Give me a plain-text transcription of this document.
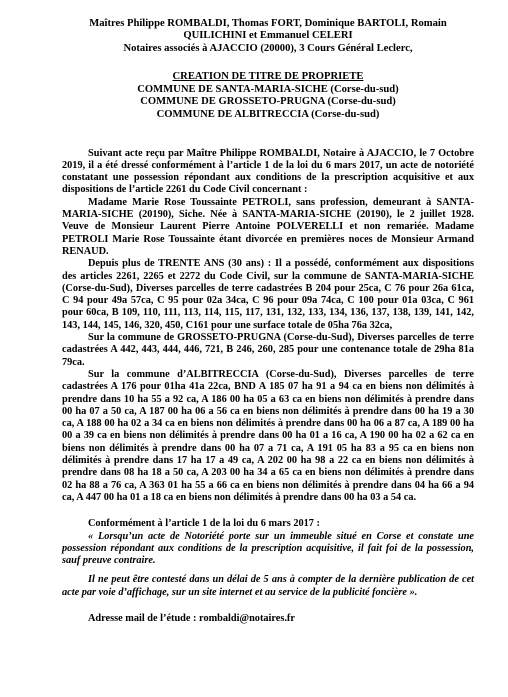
Maîtres Philippe ROMBALDI, Thomas FORT, Dominique BARTOLI, Romain

QUILICHINI et Emmanuel CELERI

Notaires associés à AJACCIO (20000), 3 Cours Général Leclerc,

CREATION DE TITRE DE PROPRIETE

COMMUNE DE SANTA-MARIA-SICHE (Corse-du-sud)

COMMUNE DE GROSSETO-PRUGNA (Corse-du-sud)

COMMUNE DE ALBITRECCIA (Corse-du-sud)

Suivant acte reçu par Maître Philippe ROMBALDI, Notaire à AJACCIO, le 7 Octobre 2019, il a été dressé conformément à l’article 1 de la loi du 6 mars 2017, un acte de notoriété constatant une possession répondant aux conditions de la prescription acquisitive et aux dispositions de l’article 2261 du Code Civil concernant :

Madame Marie Rose Toussainte PETROLI, sans profession, demeurant à SANTA-MARIA-SICHE (20190), Siche. Née à SANTA-MARIA-SICHE (20190), le 2 juillet 1928. Veuve de Monsieur Laurent Pierre Antoine POLVERELLI et non remariée. Madame PETROLI Marie Rose Toussainte étant divorcée en premières noces de Monsieur Armand RENAUD.

Depuis plus de TRENTE ANS (30 ans) : Il a possédé, conformément aux dispositions des articles 2261, 2265 et 2272 du Code Civil, sur la commune de SANTA-MARIA-SICHE (Corse-du-Sud), Diverses parcelles de terre cadastrées B 204 pour 25ca, C 76 pour 26a 61ca, C 94 pour 49a 57ca, C 95 pour 02a 34ca, C 96 pour 09a 74ca, C 100 pour 01a 03ca, C 961 pour 60ca, B 109, 110, 111, 113, 114, 115, 117, 131, 132, 133, 134, 136, 137, 138, 139, 141, 142, 143, 144, 145, 146, 320, 450, C161 pour une surface totale de 05ha 76a 32ca,

Sur la commune de GROSSETO-PRUGNA (Corse-du-Sud), Diverses parcelles de terre cadastrées A 442, 443, 444, 446, 721, B 246, 260, 285 pour une contenance totale de 29ha 81a 79ca.

Sur la commune d’ALBITRECCIA (Corse-du-Sud), Diverses parcelles de terre cadastrées A 176 pour 01ha 41a 22ca, BND A 185 07 ha 91 a 94 ca en biens non délimités à prendre dans 10 ha 55 a 92 ca, A 186 00 ha 05 a 63 ca en biens non délimités à prendre dans 00 ha 07 a 50 ca, A 187 00 ha 06 a 56 ca en biens non délimités à prendre dans 00 ha 19 a 30 ca, A 188 00 ha 02 a 34 ca en biens non délimités à prendre dans 00 ha 06 a 87 ca, A 189 00 ha 00 a 39 ca en biens non délimités à prendre dans 00 ha 01 a 16 ca, A 190 00 ha 02 a 62 ca en biens non délimités à prendre dans 00 ha 07 a 71 ca, A 191 05 ha 83 a 95 ca en biens non délimités à prendre dans 17 ha 17 a 49 ca, A 202 00 ha 98 a 22 ca en biens non délimités à prendre dans 08 ha 18 a 50 ca, A 203 00 ha 34 a 65 ca en biens non délimités à prendre dans 02 ha 88 a 76 ca, A 363 01 ha 55 a 66 ca en biens non délimités à prendre dans 04 ha 66 a 94 ca, A 447 00 ha 01 a 18 ca en biens non délimités à prendre dans 00 ha 03 a 54 ca.

Conformément à l’article 1 de la loi du 6 mars 2017 :

« Lorsqu’un acte de Notoriété porte sur un immeuble situé en Corse et constate une possession répondant aux conditions de la prescription acquisitive, il fait foi de la possession, sauf preuve contraire.

Il ne peut être contesté dans un délai de 5 ans à compter de la dernière publication de cet acte par voie d’affichage, sur un site internet et au service de la publicité foncière ».

Adresse mail de l’étude : rombaldi@notaires.fr
